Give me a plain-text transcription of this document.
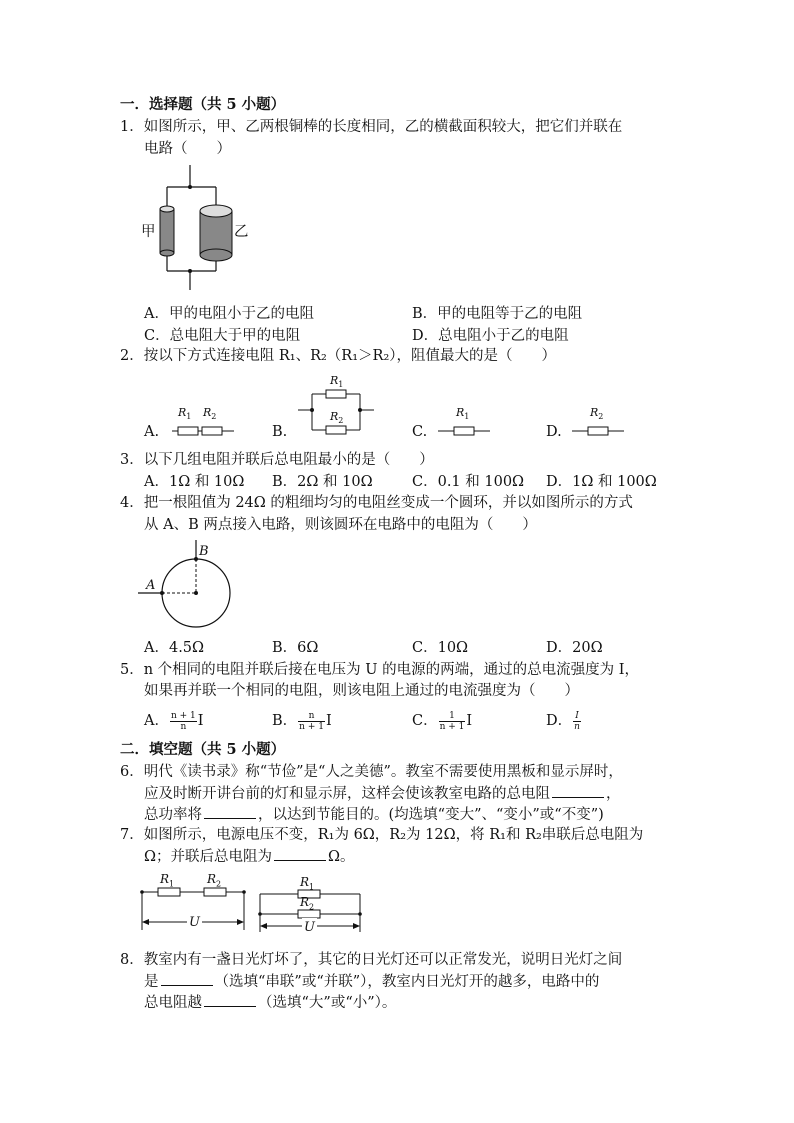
一．选择题（共 5 小题）
1．如图所示，甲、乙两根铜棒的长度相同，乙的横截面积较大，把它们并联在
电路（　　）
甲	乙
A．甲的电阻小于乙的电阻	B．甲的电阻等于乙的电阻
C．总电阻大于甲的电阻	D．总电阻小于乙的电阻
2．按以下方式连接电阻 R₁、R₂（R₁＞R₂），阻值最大的是（　　）
A.
$R_1$ $R_2$
B.
$R_1$
$R_2$
C.
$R_1$
D.
$R_2$
3．以下几组电阻并联后总电阻最小的是（　　）
A．1Ω 和 10Ω B．2Ω 和 10Ω	C．0.1 和 100Ω D．1Ω 和 100Ω
4．把一根阻值为 24Ω 的粗细均匀的电阻丝变成一个圆环，并以如图所示的方式
从 A、B 两点接入电路，则该圆环在电路中的电阻为（　　）
B
A
A．4.5Ω	B．6Ω	C．10Ω	D．20Ω
5．n 个相同的电阻并联后接在电压为 U 的电源的两端，通过的总电流强度为 I，
如果再并联一个相同的电阻，则该电阻上通过的电流强度为（　　）
A． $\frac{n + 1}{n}$ I	B． $\frac{n}{n + 1}$ I	C． $\frac{1}{n + 1}$ I	D． $\frac{I}{n}$
二．填空题（共 5 小题）
6．明代《读书录》称“节俭”是“人之美德”。教室不需要使用黑板和显示屏时，
应及时断开讲台前的灯和显示屏，这样会使该教室电路的总电阻	，
总功率将	，以达到节能目的。(均选填“变大”、“变小”或“不变”)
7．如图所示，电源电压不变，R₁为 6Ω，R₂为 12Ω，将 R₁和 R₂串联后总电阻为
Ω；并联后总电阻为	Ω。
$R_1$	$R_2$
U
$R_1$
$R_2$
U
8．教室内有一盏日光灯坏了，其它的日光灯还可以正常发光，说明日光灯之间
是	（选填“串联”或“并联”），教室内日光灯开的越多，电路中的
总电阻越	（选填“大”或“小”）。
